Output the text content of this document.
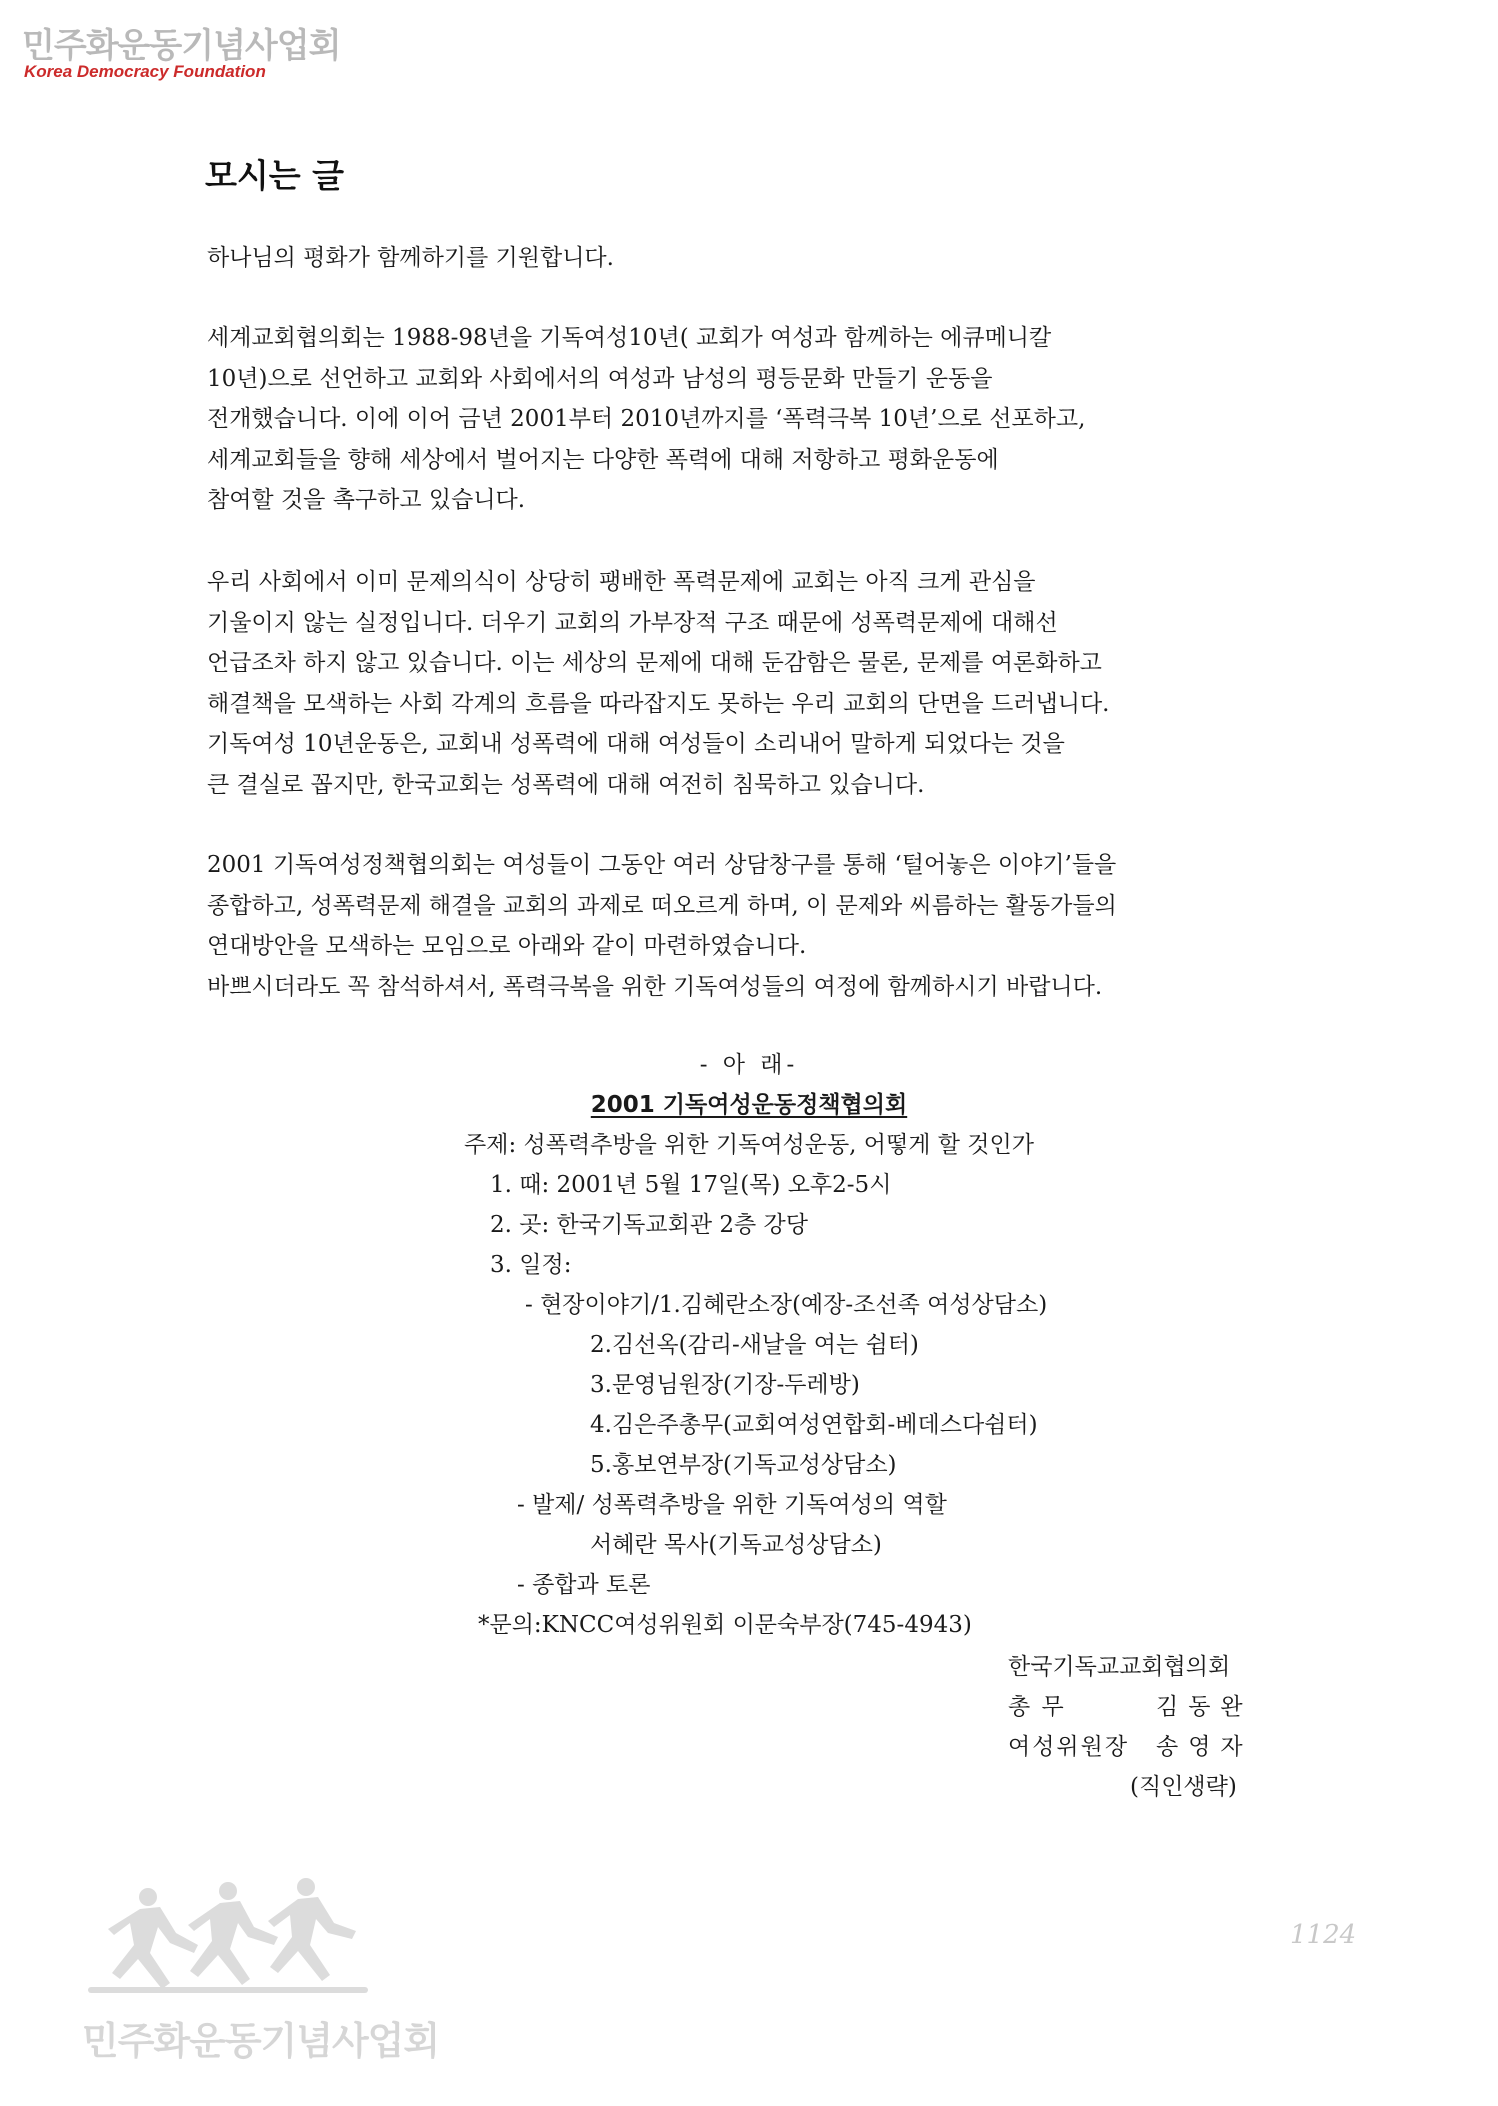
민주화운동기념사업회
Korea Democracy Foundation
모시는 글
하나님의 평화가 함께하기를 기원합니다.
세계교회협의회는 1988-98년을 기독여성10년( 교회가 여성과 함께하는 에큐메니칼
10년)으로 선언하고 교회와 사회에서의 여성과 남성의 평등문화 만들기 운동을
전개했습니다. 이에 이어 금년 2001부터 2010년까지를 ‘폭력극복 10년’으로 선포하고,
세계교회들을 향해 세상에서 벌어지는 다양한 폭력에 대해 저항하고 평화운동에
참여할 것을 촉구하고 있습니다.
우리 사회에서 이미 문제의식이 상당히 팽배한 폭력문제에 교회는 아직 크게 관심을
기울이지 않는 실정입니다. 더우기 교회의 가부장적 구조 때문에 성폭력문제에 대해선
언급조차 하지 않고 있습니다. 이는 세상의 문제에 대해 둔감함은 물론, 문제를 여론화하고
해결책을 모색하는 사회 각계의 흐름을 따라잡지도 못하는 우리 교회의 단면을 드러냅니다.
기독여성 10년운동은, 교회내 성폭력에 대해 여성들이 소리내어 말하게 되었다는 것을
큰 결실로 꼽지만, 한국교회는 성폭력에 대해 여전히 침묵하고 있습니다.
2001 기독여성정책협의회는 여성들이 그동안 여러 상담창구를 통해 ‘털어놓은 이야기’들을
종합하고, 성폭력문제 해결을 교회의 과제로 떠오르게 하며, 이 문제와 씨름하는 활동가들의
연대방안을 모색하는 모임으로 아래와 같이 마련하였습니다.
바쁘시더라도 꼭 참석하셔서, 폭력극복을 위한 기독여성들의 여정에 함께하시기 바랍니다.
- 아 래-
2001 기독여성운동정책협의회
주제: 성폭력추방을 위한 기독여성운동, 어떻게 할 것인가
1. 때: 2001년 5월 17일(목) 오후2-5시
2. 곳: 한국기독교회관 2층 강당
3. 일정:
- 현장이야기/1.김혜란소장(예장-조선족 여성상담소)
2.김선옥(감리-새날을 여는 쉼터)
3.문영님원장(기장-두레방)
4.김은주총무(교회여성연합회-베데스다쉼터)
5.홍보연부장(기독교성상담소)
- 발제/ 성폭력추방을 위한 기독여성의 역할
서혜란 목사(기독교성상담소)
- 종합과 토론
*문의:KNCC여성위원회 이문숙부장(745-4943)
한국기독교교회협의회
총 무	김동완
여성위원장 송영자
(직인생략)
1124
민주화운동기념사업회
